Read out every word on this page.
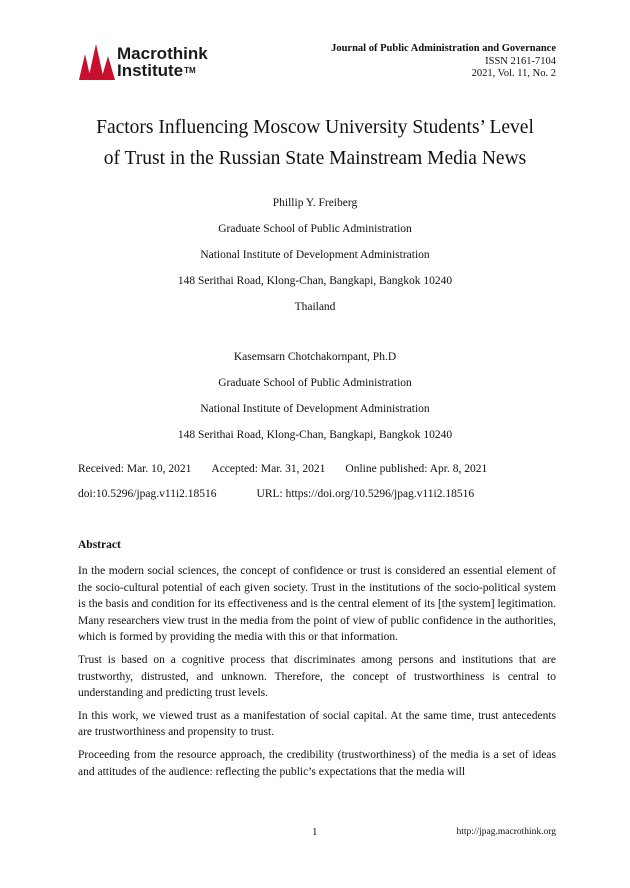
Macrothink
Institute™
Journal of Public Administration and Governance
ISSN 2161-7104
2021, Vol. 11, No. 2
Factors Influencing Moscow University Students’ Level
of Trust in the Russian State Mainstream Media News
Phillip Y. Freiberg
Graduate School of Public Administration
National Institute of Development Administration
148 Serithai Road, Klong-Chan, Bangkapi, Bangkok 10240
Thailand
Kasemsarn Chotchakornpant, Ph.D
Graduate School of Public Administration
National Institute of Development Administration
148 Serithai Road, Klong-Chan, Bangkapi, Bangkok 10240
Received: Mar. 10, 2021 Accepted: Mar. 31, 2021 Online published: Apr. 8, 2021
doi:10.5296/jpag.v11i2.18516	URL: https://doi.org/10.5296/jpag.v11i2.18516
Abstract

In the modern social sciences, the concept of confidence or trust is considered an essential element of the socio-cultural potential of each given society. Trust in the institutions of the socio-political system is the basis and condition for its effectiveness and is the central element of its [the system] legitimation. Many researchers view trust in the media from the point of view of public confidence in the authorities, which is formed by providing the media with this or that information.

Trust is based on a cognitive process that discriminates among persons and institutions that are trustworthy, distrusted, and unknown. Therefore, the concept of trustworthiness is central to understanding and predicting trust levels.

In this work, we viewed trust as a manifestation of social capital. At the same time, trust antecedents are trustworthiness and propensity to trust.

Proceeding from the resource approach, the credibility (trustworthiness) of the media is a set of ideas and attitudes of the audience: reflecting the public’s expectations that the media will

1	http://jpag.macrothink.org
